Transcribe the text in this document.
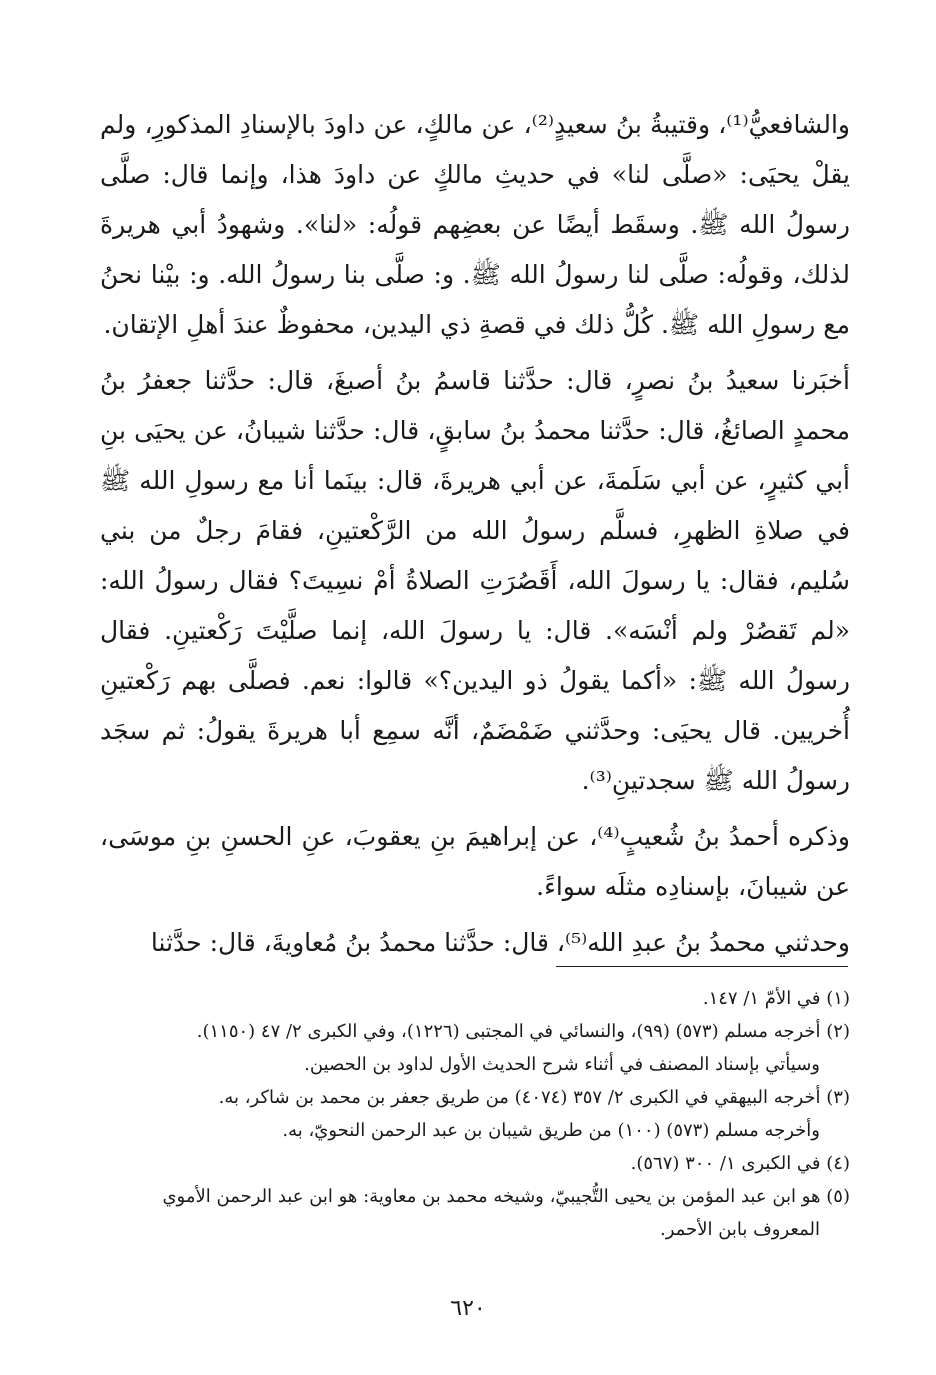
والشافعيُّ⁽¹⁾، وقتيبةُ بنُ سعيدٍ⁽²⁾، عن مالكٍ، عن داودَ بالإسنادِ المذكورِ، ولم يقلْ يحيَى: «صلَّى لنا» في حديثِ مالكٍ عن داودَ هذا، وإنما قال: صلَّى رسولُ الله ﷺ. وسقَط أيضًا عن بعضِهم قولُه: «لنا». وشهودُ أبي هريرةَ لذلك، وقولُه: صلَّى لنا رسولُ الله ﷺ. و: صلَّى بنا رسولُ الله. و: بيْنا نحنُ مع رسولِ الله ﷺ. كُلُّ ذلك في قصةِ ذي اليدين، محفوظٌ عندَ أهلِ الإتقان.

أخبَرنا سعيدُ بنُ نصرٍ، قال: حدَّثنا قاسمُ بنُ أصبغَ، قال: حدَّثنا جعفرُ بنُ محمدٍ الصائغُ، قال: حدَّثنا محمدُ بنُ سابقٍ، قال: حدَّثنا شيبانُ، عن يحيَى بنِ أبي كثيرٍ، عن أبي سَلَمةَ، عن أبي هريرةَ، قال: بينَما أنا مع رسولِ الله ﷺ في صلاةِ الظهرِ، فسلَّم رسولُ الله من الرَّكْعتينِ، فقامَ رجلٌ من بني سُليم، فقال: يا رسولَ الله، أَقَصُرَتِ الصلاةُ أمْ نسِيتَ؟ فقال رسولُ الله: «لم تَقصُرْ ولم أنْسَه». قال: يا رسولَ الله، إنما صلَّيْتَ رَكْعتينِ. فقال رسولُ الله ﷺ: «أكما يقولُ ذو اليدين؟» قالوا: نعم. فصلَّى بهم رَكْعتينِ أُخريين. قال يحيَى: وحدَّثني ضَمْضَمٌ، أنَّه سمِع أبا هريرةَ يقولُ: ثم سجَد رسولُ الله ﷺ سجدتينِ⁽³⁾.

وذكره أحمدُ بنُ شُعيبٍ⁽⁴⁾، عن إبراهيمَ بنِ يعقوبَ، عنِ الحسنِ بنِ موسَى، عن شيبانَ، بإسنادِه مثلَه سواءً.

وحدثني محمدُ بنُ عبدِ الله⁽⁵⁾، قال: حدَّثنا محمدُ بنُ مُعاويةَ، قال: حدَّثنا

(١) في الأمّ ١/ ١٤٧.

(٢) أخرجه مسلم (٥٧٣) (٩٩)، والنسائي في المجتبى (١٢٢٦)، وفي الكبرى ٢/ ٤٧ (١١٥٠).
وسيأتي بإسناد المصنف في أثناء شرح الحديث الأول لداود بن الحصين.

(٣) أخرجه البيهقي في الكبرى ٢/ ٣٥٧ (٤٠٧٤) من طريق جعفر بن محمد بن شاكر، به.
وأخرجه مسلم (٥٧٣) (١٠٠) من طريق شيبان بن عبد الرحمن النحويّ، به.

(٤) في الكبرى ١/ ٣٠٠ (٥٦٧).

(٥) هو ابن عبد المؤمن بن يحيى التُّجيبيّ، وشيخه محمد بن معاوية: هو ابن عبد الرحمن الأموي
المعروف بابن الأحمر.

٦٢٠
